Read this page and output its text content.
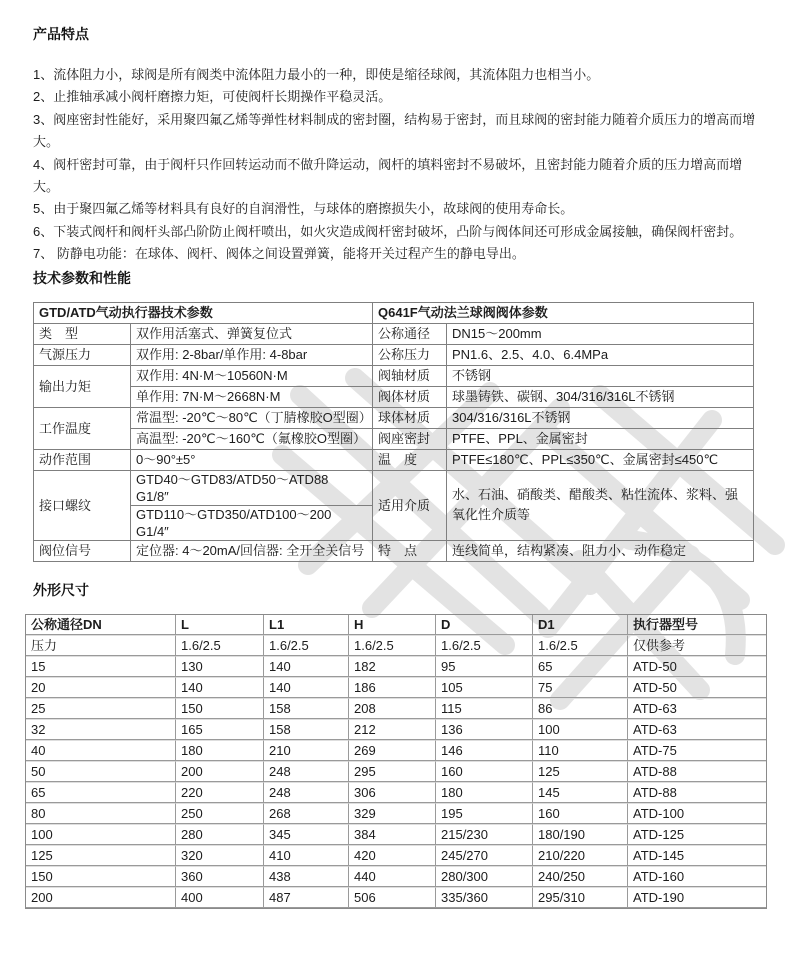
产品特点

1、流体阻力小，球阀是所有阀类中流体阻力最小的一种，即使是缩径球阀，其流体阻力也相当小。

2、止推轴承减小阀杆磨擦力矩，可使阀杆长期操作平稳灵活。

3、阀座密封性能好，采用聚四氟乙烯等弹性材料制成的密封圈，结构易于密封，而且球阀的密封能力随着介质压力的增高而增大。

4、阀杆密封可靠，由于阀杆只作回转运动而不做升降运动，阀杆的填料密封不易破坏，且密封能力随着介质的压力增高而增大。

5、由于聚四氟乙烯等材料具有良好的自润滑性，与球体的磨擦损失小，故球阀的使用寿命长。

6、下装式阀杆和阀杆头部凸阶防止阀杆喷出，如火灾造成阀杆密封破坏，凸阶与阀体间还可形成金属接触，确保阀杆密封。

7、 防静电功能：在球体、阀杆、阀体之间设置弹簧，能将开关过程产生的静电导出。

技术参数和性能
GTD/ATD气动执行器技术参数		Q641F气动法兰球阀阀体参数	
类　型	双作用活塞式、弹簧复位式	公称通径	DN15～200mm
气源压力	双作用: 2-8bar/单作用: 4-8bar	公称压力	PN1.6、2.5、4.0、6.4MPa
输出力矩	双作用: 4N·M～10560N·M	阀轴材质	不锈钢
	单作用: 7N·M～2668N·M	阀体材质	球墨铸铁、碳钢、304/316/316L不锈钢
工作温度	常温型: -20℃～80℃（丁腈橡胶O型圈）	球体材质	304/316/316L不锈钢
	高温型: -20℃～160℃（氟橡胶O型圈）	阀座密封	PTFE、PPL、金属密封
动作范围	0～90°±5°	温　度	PTFE≤180℃、PPL≤350℃、金属密封≤450℃
接口螺纹	GTD40～GTD83/ATD50～ATD88　G1/8″	适用介质	水、石油、硝酸类、醋酸类、粘性流体、浆料、强氧化性介质等
	GTD110～GTD350/ATD100～200　G1/4″		
阀位信号	定位器: 4～20mA/回信器: 全开全关信号	特　点	连线简单，结构紧凑、阻力小、动作稳定
外形尺寸
公称通径DN	L	L1	H	D	D1	执行器型号
压力	1.6/2.5	1.6/2.5	1.6/2.5	1.6/2.5	1.6/2.5	仅供参考
15	130	140	182	95	65	ATD-50
20	140	140	186	105	75	ATD-50
25	150	158	208	115	86	ATD-63
32	165	158	212	136	100	ATD-63
40	180	210	269	146	110	ATD-75
50	200	248	295	160	125	ATD-88
65	220	248	306	180	145	ATD-88
80	250	268	329	195	160	ATD-100
100	280	345	384	215/230	180/190	ATD-125
125	320	410	420	245/270	210/220	ATD-145
150	360	438	440	280/300	240/250	ATD-160
200	400	487	506	335/360	295/310	ATD-190
